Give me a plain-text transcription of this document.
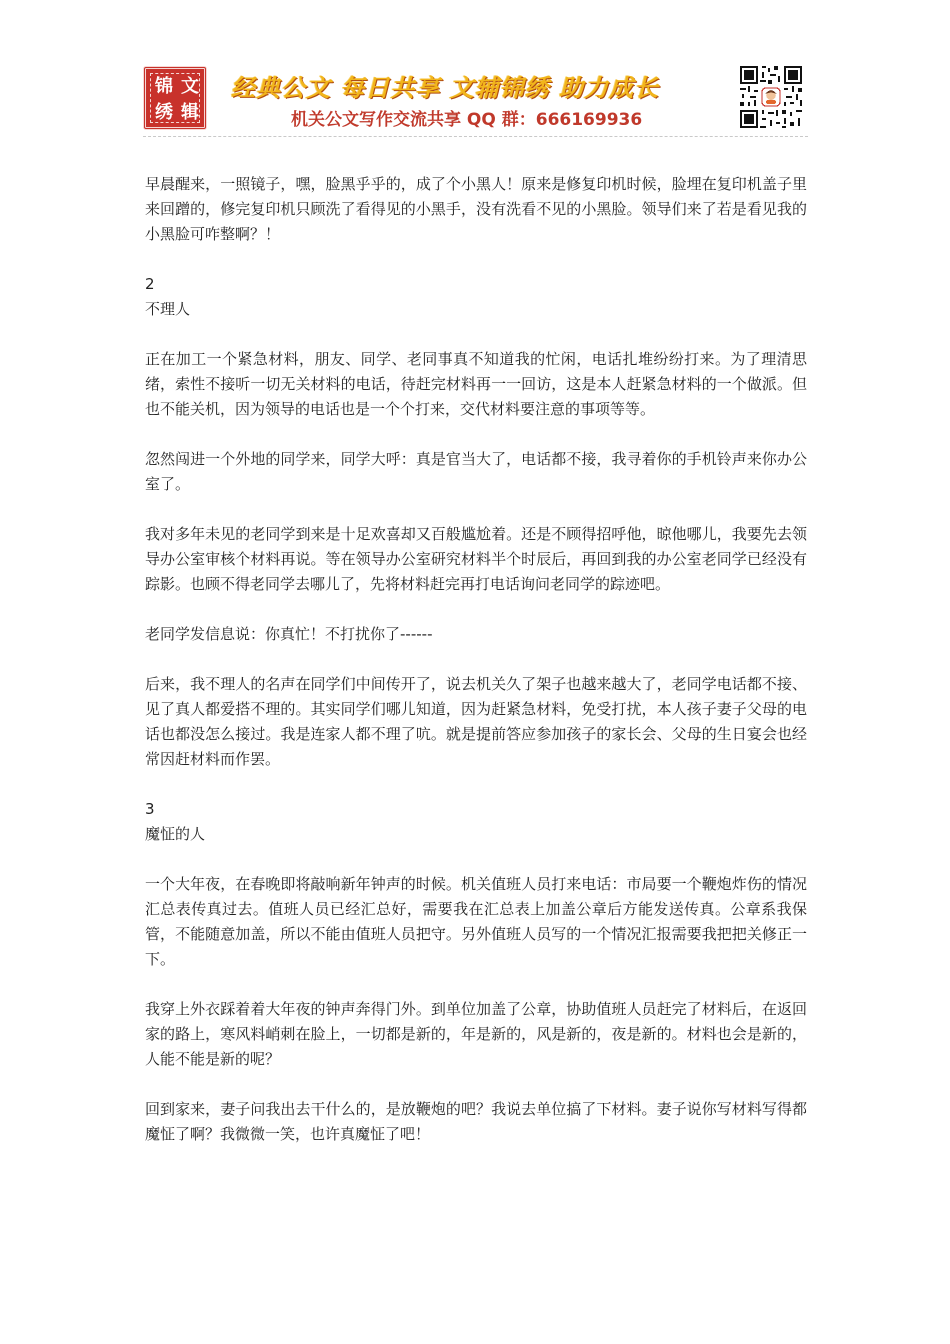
锦
绣
文
辑
经典公文 每日共享 文辅锦绣 助力成长
机关公文写作交流共享 QQ 群：666169936

早晨醒来，一照镜子，嘿，脸黑乎乎的，成了个小黑人！原来是修复印机时候，脸埋在复印机盖子里来回蹭的，修完复印机只顾洗了看得见的小黑手，没有洗看不见的小黑脸。领导们来了若是看见我的小黑脸可咋整啊？！

2
不理人

正在加工一个紧急材料，朋友、同学、老同事真不知道我的忙闲，电话扎堆纷纷打来。为了理清思绪，索性不接听一切无关材料的电话，待赶完材料再一一回访，这是本人赶紧急材料的一个做派。但也不能关机，因为领导的电话也是一个个打来，交代材料要注意的事项等等。

忽然闯进一个外地的同学来，同学大呼：真是官当大了，电话都不接，我寻着你的手机铃声来你办公室了。

我对多年未见的老同学到来是十足欢喜却又百般尴尬着。还是不顾得招呼他，晾他哪儿，我要先去领导办公室审核个材料再说。等在领导办公室研究材料半个时辰后，再回到我的办公室老同学已经没有踪影。也顾不得老同学去哪儿了，先将材料赶完再打电话询问老同学的踪迹吧。

老同学发信息说：你真忙！不打扰你了------

后来，我不理人的名声在同学们中间传开了，说去机关久了架子也越来越大了，老同学电话都不接、见了真人都爱搭不理的。其实同学们哪儿知道，因为赶紧急材料，免受打扰，本人孩子妻子父母的电话也都没怎么接过。我是连家人都不理了吭。就是提前答应参加孩子的家长会、父母的生日宴会也经常因赶材料而作罢。

3
魔怔的人

一个大年夜，在春晚即将敲响新年钟声的时候。机关值班人员打来电话：市局要一个鞭炮炸伤的情况汇总表传真过去。值班人员已经汇总好，需要我在汇总表上加盖公章后方能发送传真。公章系我保管，不能随意加盖，所以不能由值班人员把守。另外值班人员写的一个情况汇报需要我把把关修正一下。

我穿上外衣踩着着大年夜的钟声奔得门外。到单位加盖了公章，协助值班人员赶完了材料后，在返回家的路上，寒风料峭刺在脸上，一切都是新的，年是新的，风是新的，夜是新的。材料也会是新的，人能不能是新的呢？

回到家来，妻子问我出去干什么的，是放鞭炮的吧？我说去单位搞了下材料。妻子说你写材料写得都魔怔了啊？我微微一笑，也许真魔怔了吧！
